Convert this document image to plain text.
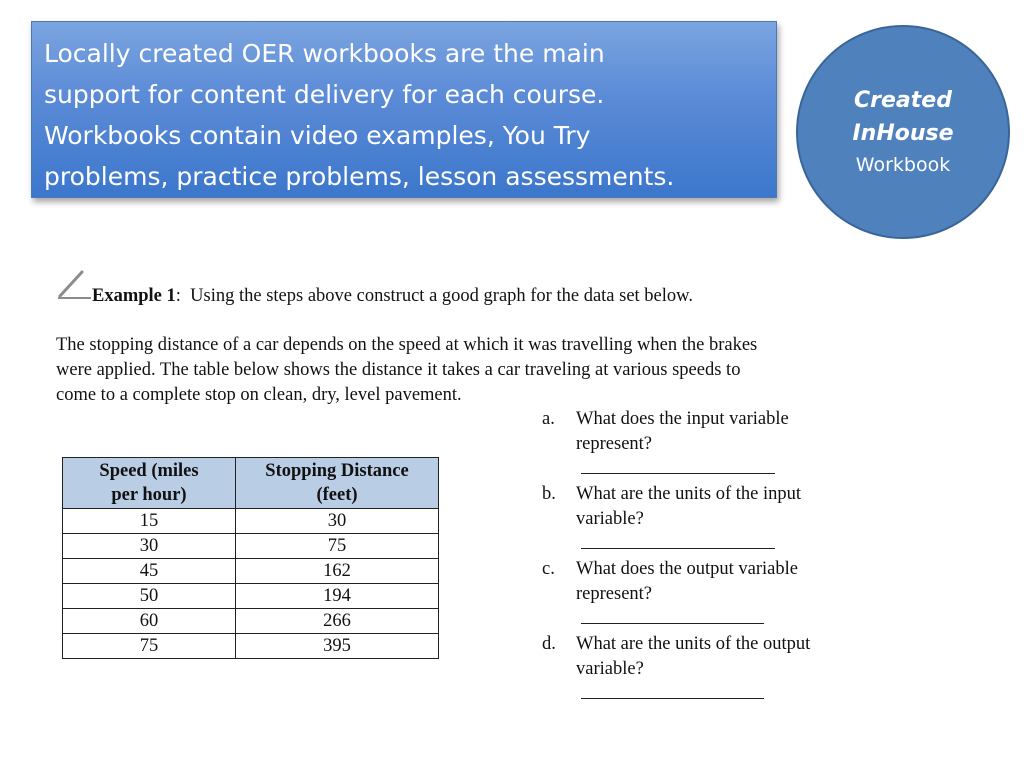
Locally created OER workbooks are the main
support for content delivery for each course.
Workbooks contain video examples, You Try
problems, practice problems, lesson assessments.
Created
InHouse
Workbook
Example 1: Using the steps above construct a good graph for the data set below.
The stopping distance of a car depends on the speed at which it was travelling when the brakes
were applied. The table below shows the distance it takes a car traveling at various speeds to
come to a complete stop on clean, dry, level pavement.
Speed (miles
per hour)	Stopping Distance
(feet)
15	30
30	75
45	162
50	194
60	266
75	395
a. What does the input variable
represent?
b. What are the units of the input
variable?
c. What does the output variable
represent?
d. What are the units of the output
variable?
